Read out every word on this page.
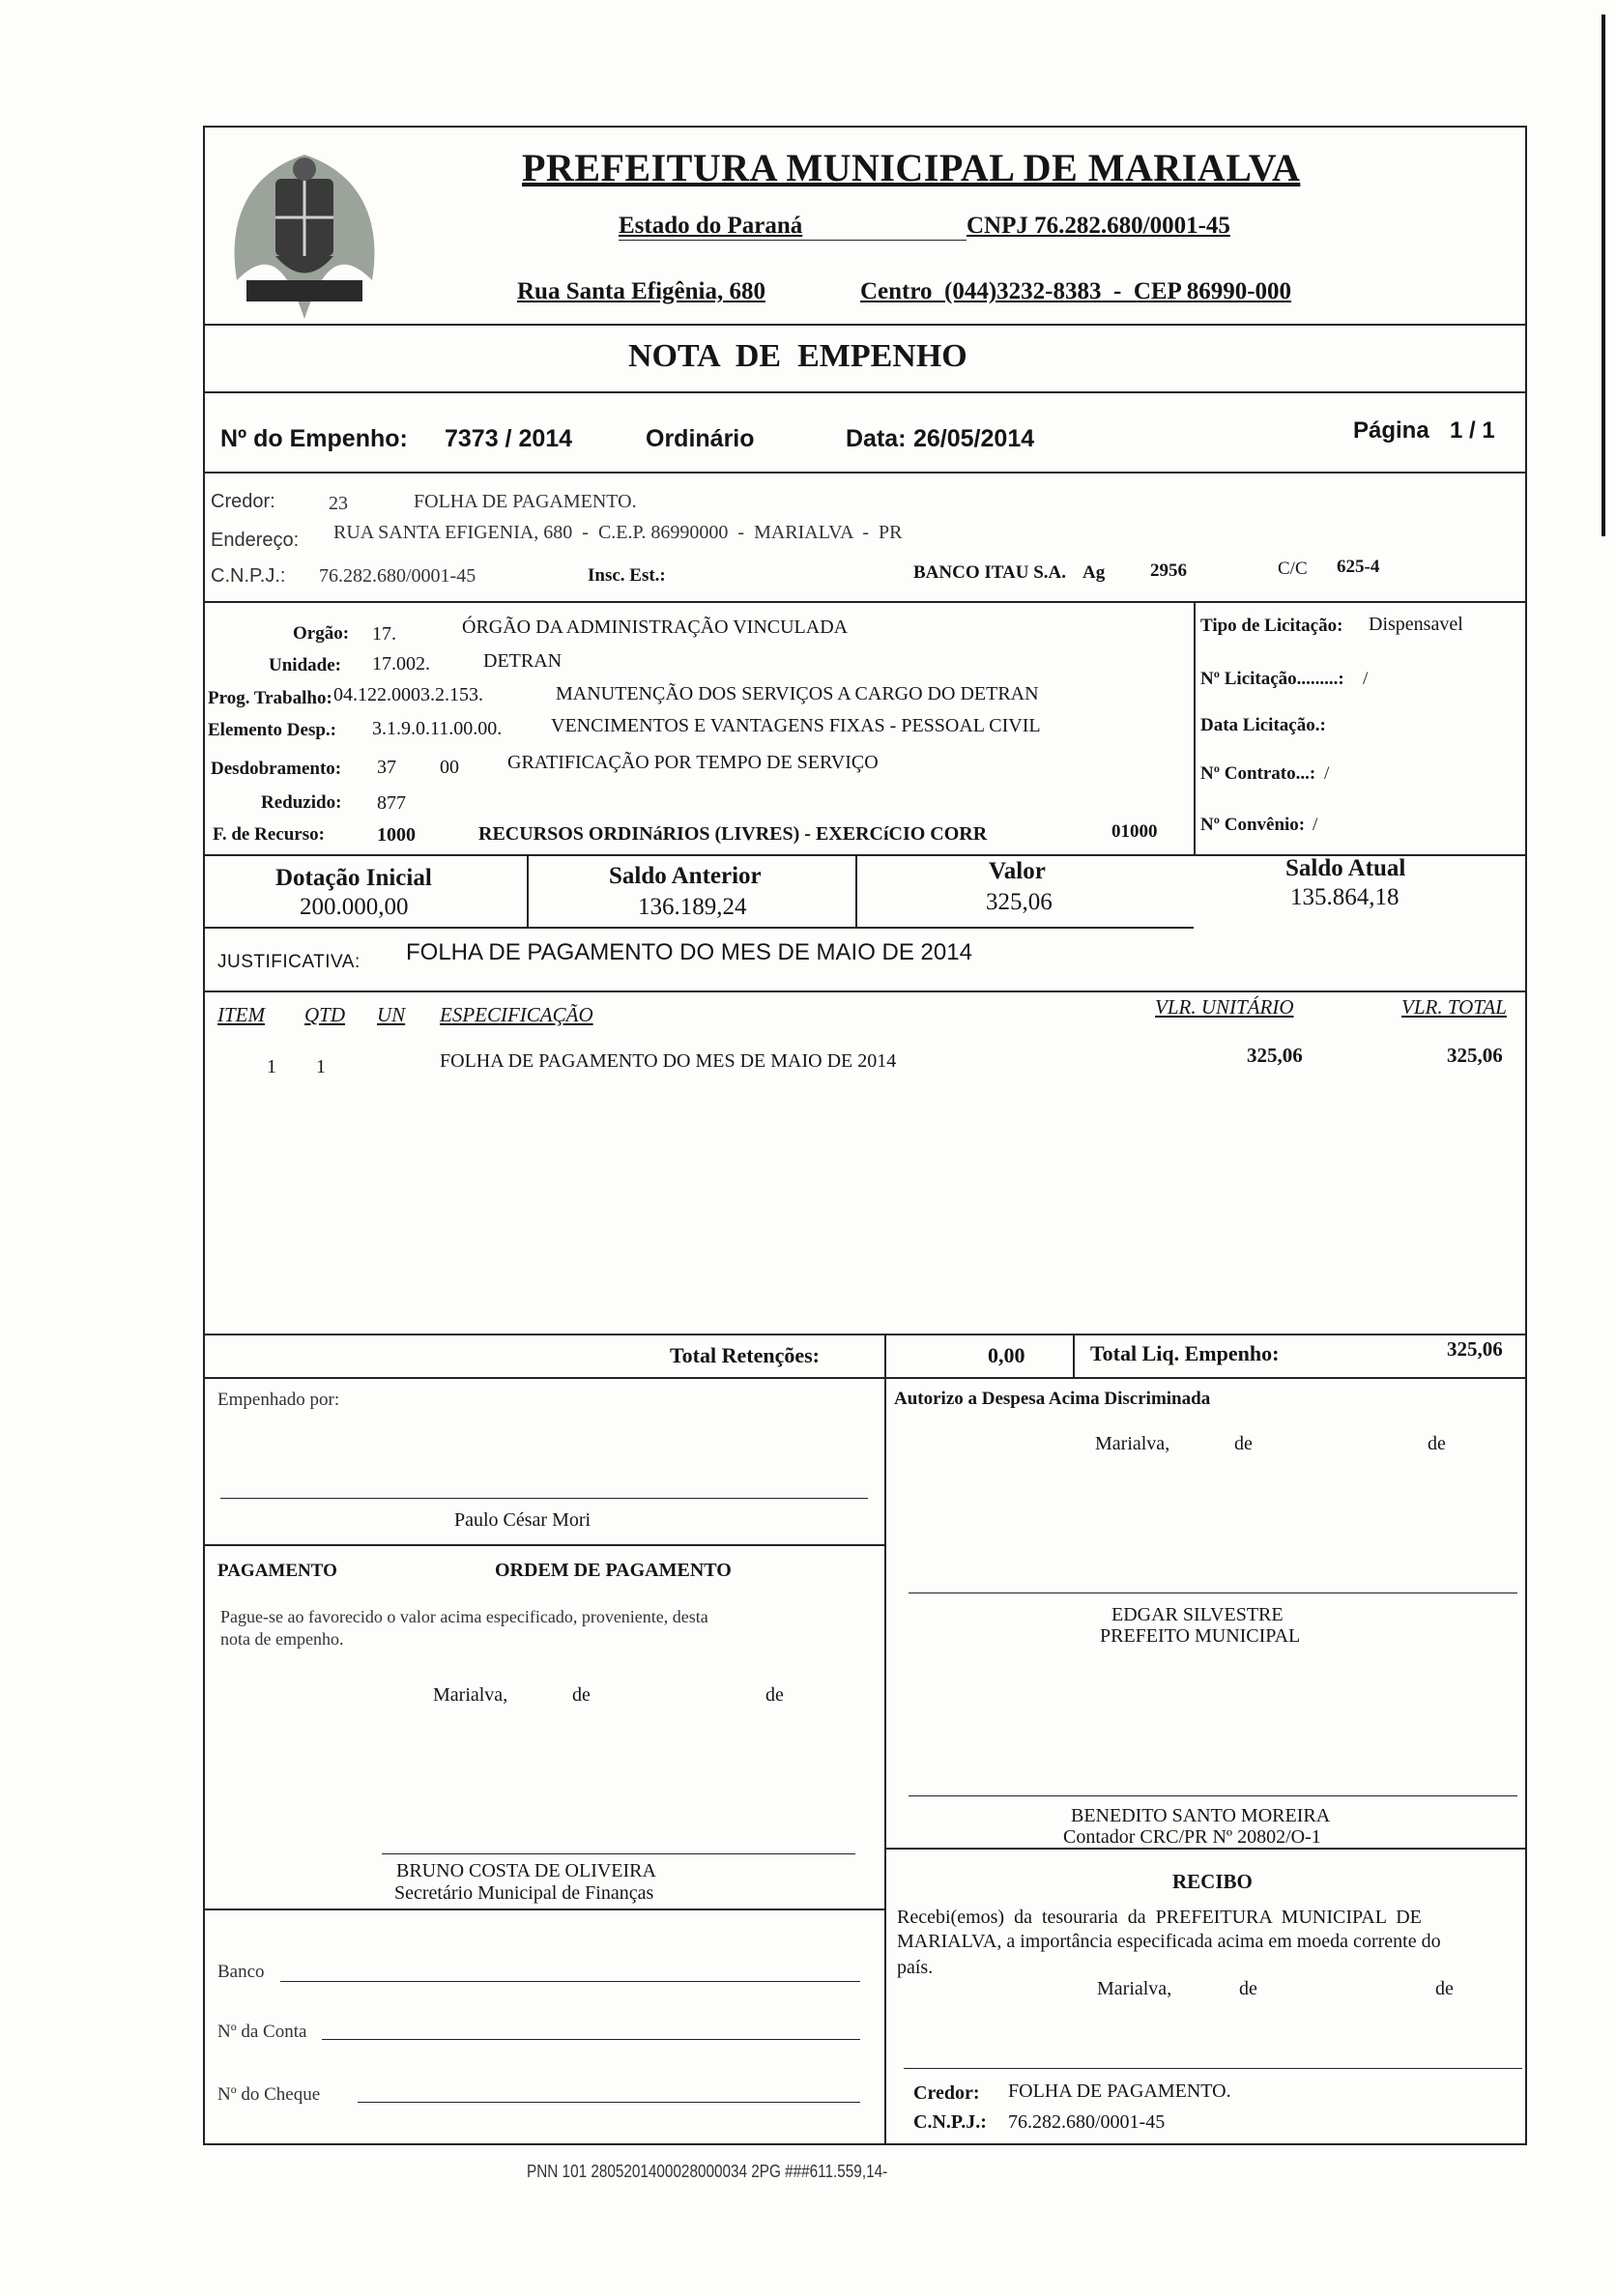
PREFEITURA MUNICIPAL DE MARIALVA
Estado do Paraná	CNPJ 76.282.680/0001-45
Rua Santa Efigênia, 680	Centro  (044)3232-8383  -  CEP 86990-000
NOTA  DE  EMPENHO
Nº do Empenho: 7373 / 2014	Ordinário	Data: 26/05/2014	Página 1 / 1
Credor:	23	FOLHA DE PAGAMENTO.
Endereço: RUA SANTA EFIGENIA, 680  -  C.E.P. 86990000  -  MARIALVA  -  PR
C.N.P.J.: 76.282.680/0001-45	Insc. Est.:	BANCO ITAU S.A. Ag 2956	C/C 625-4
Orgão: 17.	ÓRGÃO DA ADMINISTRAÇÃO VINCULADA
Unidade: 17.002.	DETRAN
Prog. Trabalho: 04.122.0003.2.153.	MANUTENÇÃO DOS SERVIÇOS A CARGO DO DETRAN
Elemento Desp.: 3.1.9.0.11.00.00.	VENCIMENTOS E VANTAGENS FIXAS - PESSOAL CIVIL
Desdobramento: 37 00	GRATIFICAÇÃO POR TEMPO DE SERVIÇO
Reduzido: 877
F. de Recurso:	1000	RECURSOS ORDINáRIOS (LIVRES) - EXERCíCIO CORR	01000
Tipo de Licitação: Dispensavel
Nº Licitação.........: /
Data Licitação.:
Nº Contrato...: /
Nº Convênio: /
Dotação Inicial
200.000,00
Saldo Anterior
136.189,24
Valor
325,06
Saldo Atual
135.864,18
JUSTIFICATIVA: FOLHA DE PAGAMENTO DO MES DE MAIO DE 2014
ITEM QTD UN ESPECIFICAÇÃO	VLR. UNITÁRIO	VLR. TOTAL
1 1	FOLHA DE PAGAMENTO DO MES DE MAIO DE 2014	325,06	325,06
Total Retenções:	0,00	Total Liq. Empenho:	325,06
Empenhado por:
Paulo César Mori
Autorizo a Despesa Acima Discriminada
Marialva,	de	de
EDGAR SILVESTRE
PREFEITO MUNICIPAL
PAGAMENTO	ORDEM DE PAGAMENTO
Pague-se ao favorecido o valor acima especificado, proveniente, desta
nota de empenho.
Marialva,	de	de
BENEDITO SANTO MOREIRA
Contador CRC/PR Nº 20802/O-1
BRUNO COSTA DE OLIVEIRA
Secretário Municipal de Finanças	RECIBO
Recebi(emos)  da  tesouraria  da  PREFEITURA  MUNICIPAL  DE
MARIALVA, a importância especificada acima em moeda corrente do
país.
Marialva,	de	de
Banco
Nº da Conta
Nº do Cheque	Credor: FOLHA DE PAGAMENTO.
C.N.P.J.: 76.282.680/0001-45
PNN 101 2805201400028000034 2PG ###611.559,14-
